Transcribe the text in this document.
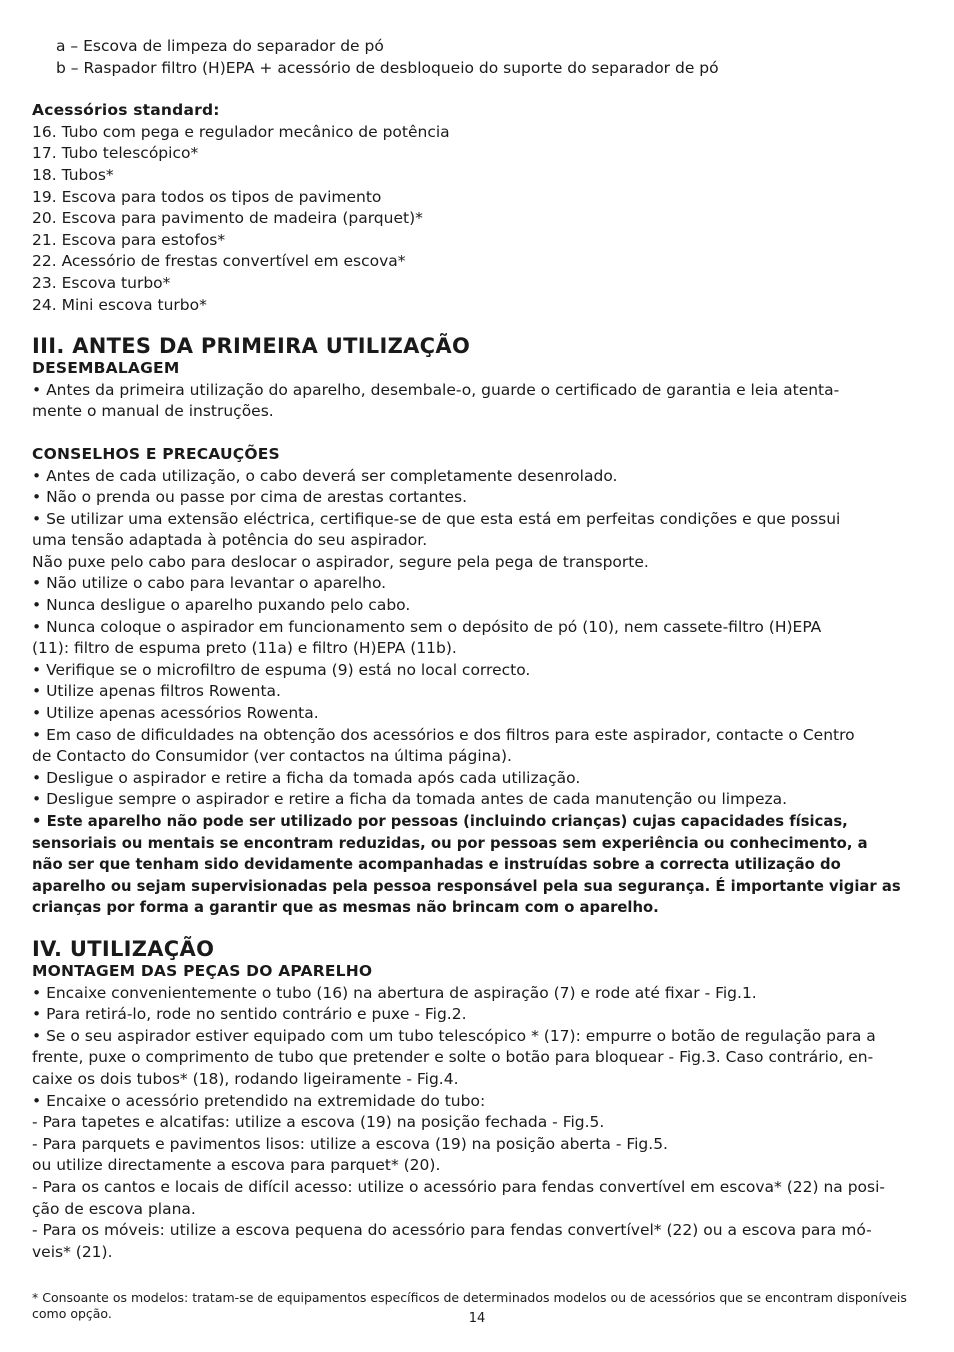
a – Escova de limpeza do separador de pó
b – Raspador filtro (H)EPA + acessório de desbloqueio do suporte do separador de pó
Acessórios standard:
16. Tubo com pega e regulador mecânico de potência
17. Tubo telescópico*
18. Tubos*
19. Escova para todos os tipos de pavimento
20. Escova para pavimento de madeira (parquet)*
21. Escova para estofos*
22. Acessório de frestas convertível em escova*
23. Escova turbo*
24. Mini escova turbo*
III. ANTES DA PRIMEIRA UTILIZAÇÃO
DESEMBALAGEM
• Antes da primeira utilização do aparelho, desembale-o, guarde o certificado de garantia e leia atenta-
mente o manual de instruções.
CONSELHOS E PRECAUÇÕES
• Antes de cada utilização, o cabo deverá ser completamente desenrolado.
• Não o prenda ou passe por cima de arestas cortantes.
• Se utilizar uma extensão eléctrica, certifique-se de que esta está em perfeitas condições e que possui
uma tensão adaptada à potência do seu aspirador.
Não puxe pelo cabo para deslocar o aspirador, segure pela pega de transporte.
• Não utilize o cabo para levantar o aparelho.
• Nunca desligue o aparelho puxando pelo cabo.
• Nunca coloque o aspirador em funcionamento sem o depósito de pó (10), nem cassete-filtro (H)EPA
(11): filtro de espuma preto (11a) e filtro (H)EPA (11b).
• Verifique se o microfiltro de espuma (9) está no local correcto.
• Utilize apenas filtros Rowenta.
• Utilize apenas acessórios Rowenta.
• Em caso de dificuldades na obtenção dos acessórios e dos filtros para este aspirador, contacte o Centro
de Contacto do Consumidor (ver contactos na última página).
• Desligue o aspirador e retire a ficha da tomada após cada utilização.
• Desligue sempre o aspirador e retire a ficha da tomada antes de cada manutenção ou limpeza.
• Este aparelho não pode ser utilizado por pessoas (incluindo crianças) cujas capacidades físicas,
sensoriais ou mentais se encontram reduzidas, ou por pessoas sem experiência ou conhecimento, a
não ser que tenham sido devidamente acompanhadas e instruídas sobre a correcta utilização do
aparelho ou sejam supervisionadas pela pessoa responsável pela sua segurança. É importante vigiar as
crianças por forma a garantir que as mesmas não brincam com o aparelho.
IV. UTILIZAÇÃO
MONTAGEM DAS PEÇAS DO APARELHO
• Encaixe convenientemente o tubo (16) na abertura de aspiração (7) e rode até fixar - Fig.1.
• Para retirá-lo, rode no sentido contrário e puxe - Fig.2.
• Se o seu aspirador estiver equipado com um tubo telescópico * (17): empurre o botão de regulação para a
frente, puxe o comprimento de tubo que pretender e solte o botão para bloquear - Fig.3. Caso contrário, en-
caixe os dois tubos* (18), rodando ligeiramente - Fig.4.
• Encaixe o acessório pretendido na extremidade do tubo:
- Para tapetes e alcatifas: utilize a escova (19) na posição fechada - Fig.5.
- Para parquets e pavimentos lisos: utilize a escova (19) na posição aberta - Fig.5.
ou utilize directamente a escova para parquet* (20).
- Para os cantos e locais de difícil acesso: utilize o acessório para fendas convertível em escova* (22) na posi-
ção de escova plana.
- Para os móveis: utilize a escova pequena do acessório para fendas convertível* (22) ou a escova para mó-
veis* (21).
* Consoante os modelos: tratam-se de equipamentos específicos de determinados modelos ou de acessórios que se encontram disponíveis como opção.	14
